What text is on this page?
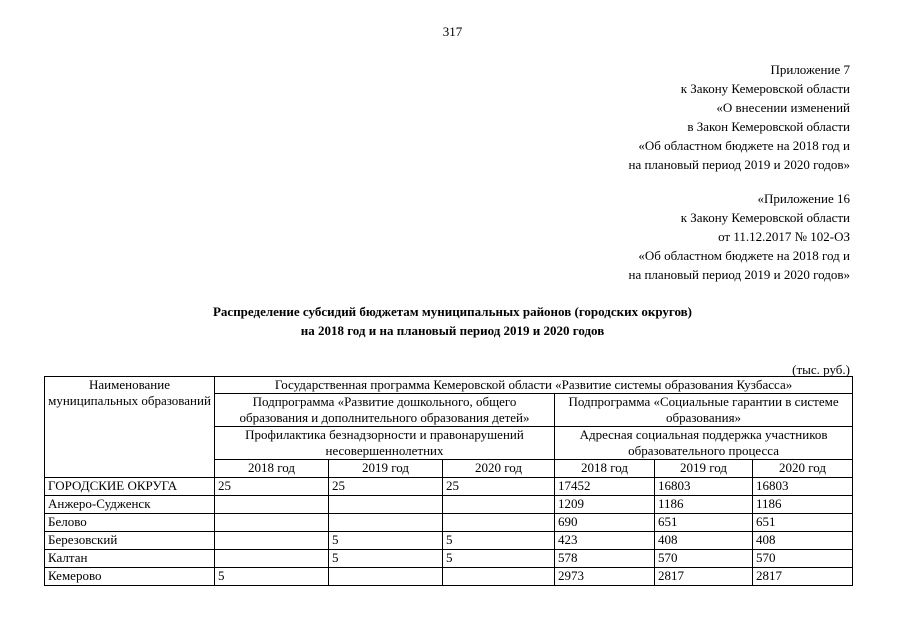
317
Приложение 7
к Закону Кемеровской области
«О внесении изменений
в Закон Кемеровской области
«Об областном бюджете на 2018 год и
на плановый период 2019 и 2020 годов»
«Приложение 16
к Закону Кемеровской области
от 11.12.2017 № 102-ОЗ
«Об областном бюджете на 2018 год и
на плановый период 2019 и 2020 годов»
Распределение субсидий бюджетам муниципальных районов (городских округов)
на 2018 год и на плановый период 2019 и 2020 годов
(тыс. руб.)
Наименование муниципальных образований	Государственная программа Кемеровской области «Развитие системы образования Кузбасса»					
	Подпрограмма «Развитие дошкольного, общего образования и дополнительного образования детей»			Подпрограмма «Социальные гарантии в системе образования»		
	Профилактика безнадзорности и правонарушений несовершеннолетних			Адресная социальная поддержка участников образовательного процесса		
	2018 год	2019 год	2020 год	2018 год	2019 год	2020 год
ГОРОДСКИЕ ОКРУГА	25	25	25	17452	16803	16803
Анжеро-Судженск				1209	1186	1186
Белово				690	651	651
Березовский		5	5	423	408	408
Калтан		5	5	578	570	570
Кемерово	5			2973	2817	2817
